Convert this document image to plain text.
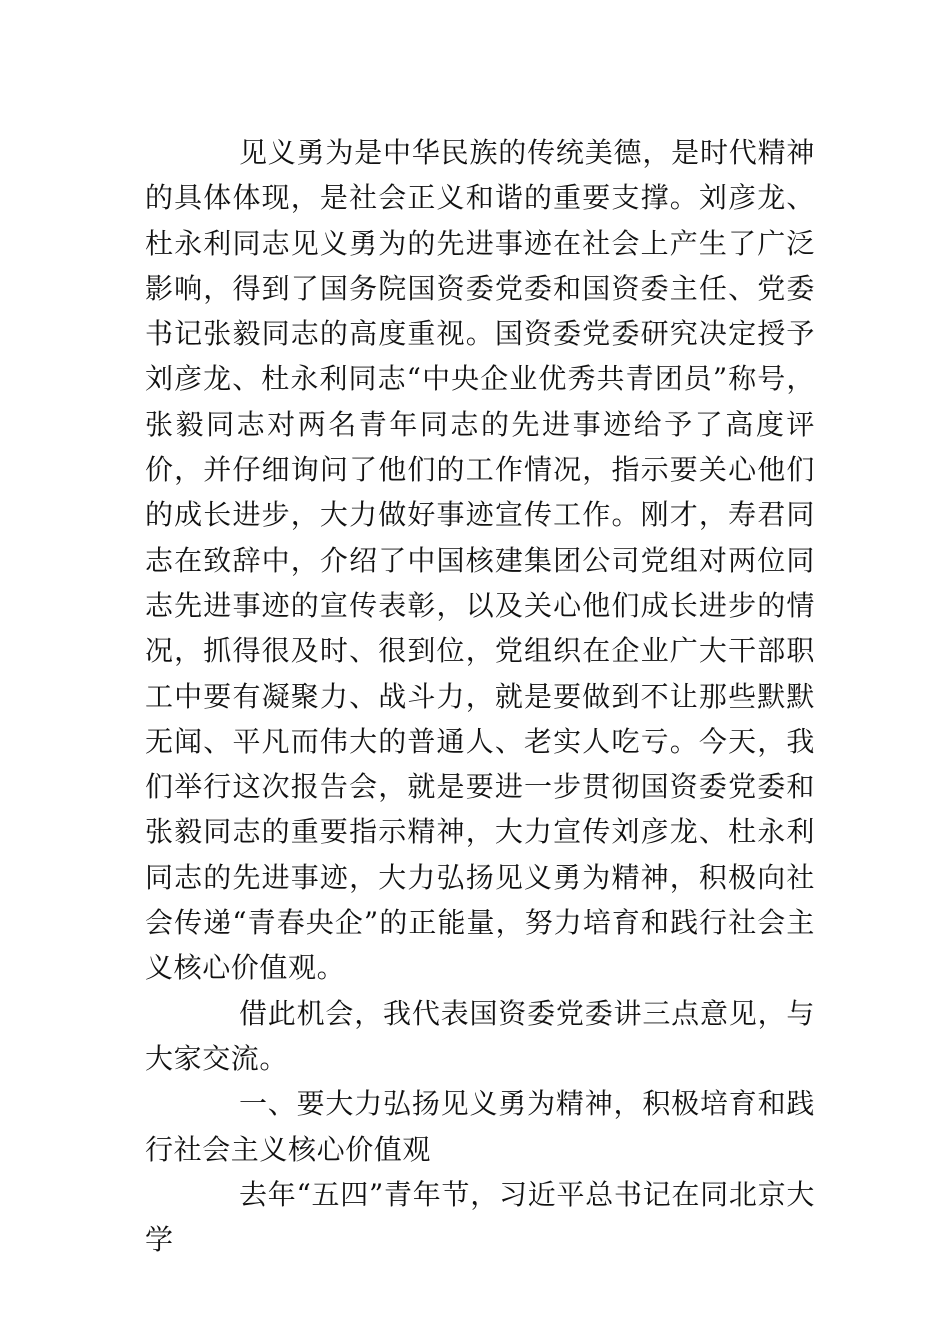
见义勇为是中华民族的传统美德，是时代精神的具体体现，是社会正义和谐的重要支撑。刘彦龙、杜永利同志见义勇为的先进事迹在社会上产生了广泛影响，得到了国务院国资委党委和国资委主任、党委书记张毅同志的高度重视。国资委党委研究决定授予刘彦龙、杜永利同志“中央企业优秀共青团员”称号，张毅同志对两名青年同志的先进事迹给予了高度评价，并仔细询问了他们的工作情况，指示要关心他们的成长进步，大力做好事迹宣传工作。刚才，寿君同志在致辞中，介绍了中国核建集团公司党组对两位同志先进事迹的宣传表彰，以及关心他们成长进步的情况，抓得很及时、很到位，党组织在企业广大干部职工中要有凝聚力、战斗力，就是要做到不让那些默默无闻、平凡而伟大的普通人、老实人吃亏。今天，我们举行这次报告会，就是要进一步贯彻国资委党委和张毅同志的重要指示精神，大力宣传刘彦龙、杜永利同志的先进事迹，大力弘扬见义勇为精神，积极向社会传递“青春央企”的正能量，努力培育和践行社会主义核心价值观。

借此机会，我代表国资委党委讲三点意见，与大家交流。

一、要大力弘扬见义勇为精神，积极培育和践行社会主义核心价值观

去年“五四”青年节，习近平总书记在同北京大学
